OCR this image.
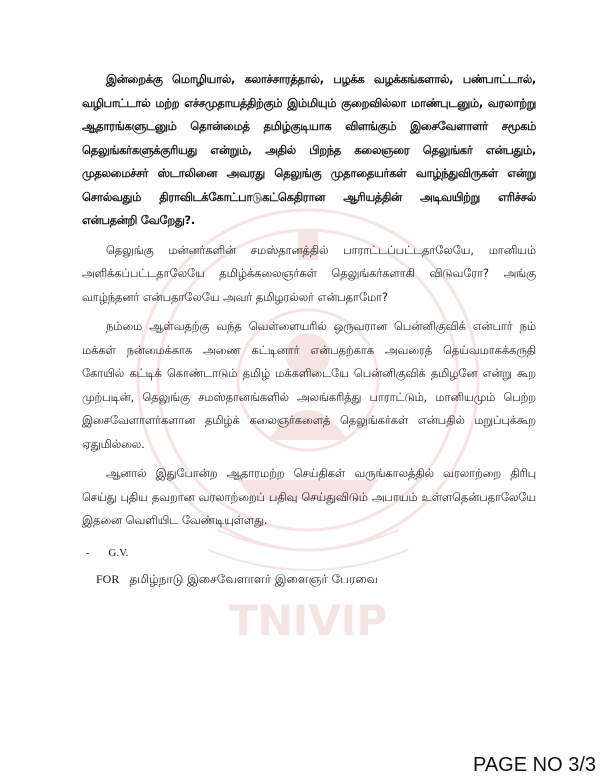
TNIVIP

இன்றைக்கு மொழியால், கலாச்சாரத்தால், பழக்க வழக்கங்களால், பண்பாட்டால், வழிபாட்டால் மற்ற எச்சமுதாயத்திற்கும் இம்மியும் குறைவில்லா மாண்புடனும், வரலாற்று ஆதாரங்களுடனும் தொன்மைத் தமிழ்குடியாக விளங்கும் இசைவேளாளர் சமூகம் தெலுங்கர்களுக்குரியது என்றும், அதில் பிறந்த கலைஞரை தெலுங்கர் என்பதும், முதலமைச்சர் ஸ்டாலினை அவரது தெலுங்கு முதாதையர்கள் வாழ்ந்துவிருகள் என்று சொல்வதும் திராவிடக்கோட்பாடுகட்கெதிரான ஆரியத்தின் அடிவயிற்று எரிச்சல் என்பதன்றி வேறேது?.

தெலுங்கு மன்னர்களின் சமஸ்தானத்தில் பாராட்டப்பட்டதாலேயே, மானியம் அளிக்கப்பட்டதாலேயே தமிழ்க்கலைஞர்கள் தெலுங்கர்களாகி விடுவரோ? அங்கு வாழ்ந்தனர் என்பதாலேயே அவர் தமிழரல்லர் என்பதாமோ?

நம்மை ஆள்வதற்கு வந்த வெள்ளையரில் ஒருவரான பென்னிகுவிக் என்பார் நம் மக்கள் நன்மைக்காக அணை கட்டினார் என்பதற்காக அவரைத் தெய்வமாகக்கருதி கோயில் கட்டிக் கொண்டாடும் தமிழ் மக்களிடையே பென்னிகுவிக் தமிழனே என்று கூற முற்படின், தெலுங்கு சமஸ்தானங்களில் அலங்கரித்து பாராட்டும், மானியமும் பெற்ற இசைவேளாளர்களான தமிழ்க் கலைஞர்களைத் தெலுங்கர்கள் என்பதில் மறுப்புக்கூற ஏதுமில்லை.

ஆனால் இதுபோன்ற ஆதாரமற்ற செய்திகள் வருங்காலத்தில் வரலாற்றை திரிபு செய்து புதிய தவறான வரலாற்றைப் பதிவு செய்துவிடும் அபாயம் உள்ளதென்பதாலேயே இதனை வெளியிட வேண்டியுள்ளது.

- G.V.
FOR தமிழ்நாடு இசைவேளாளர் இளைஞர் பேரவை
PAGE NO 3/3
